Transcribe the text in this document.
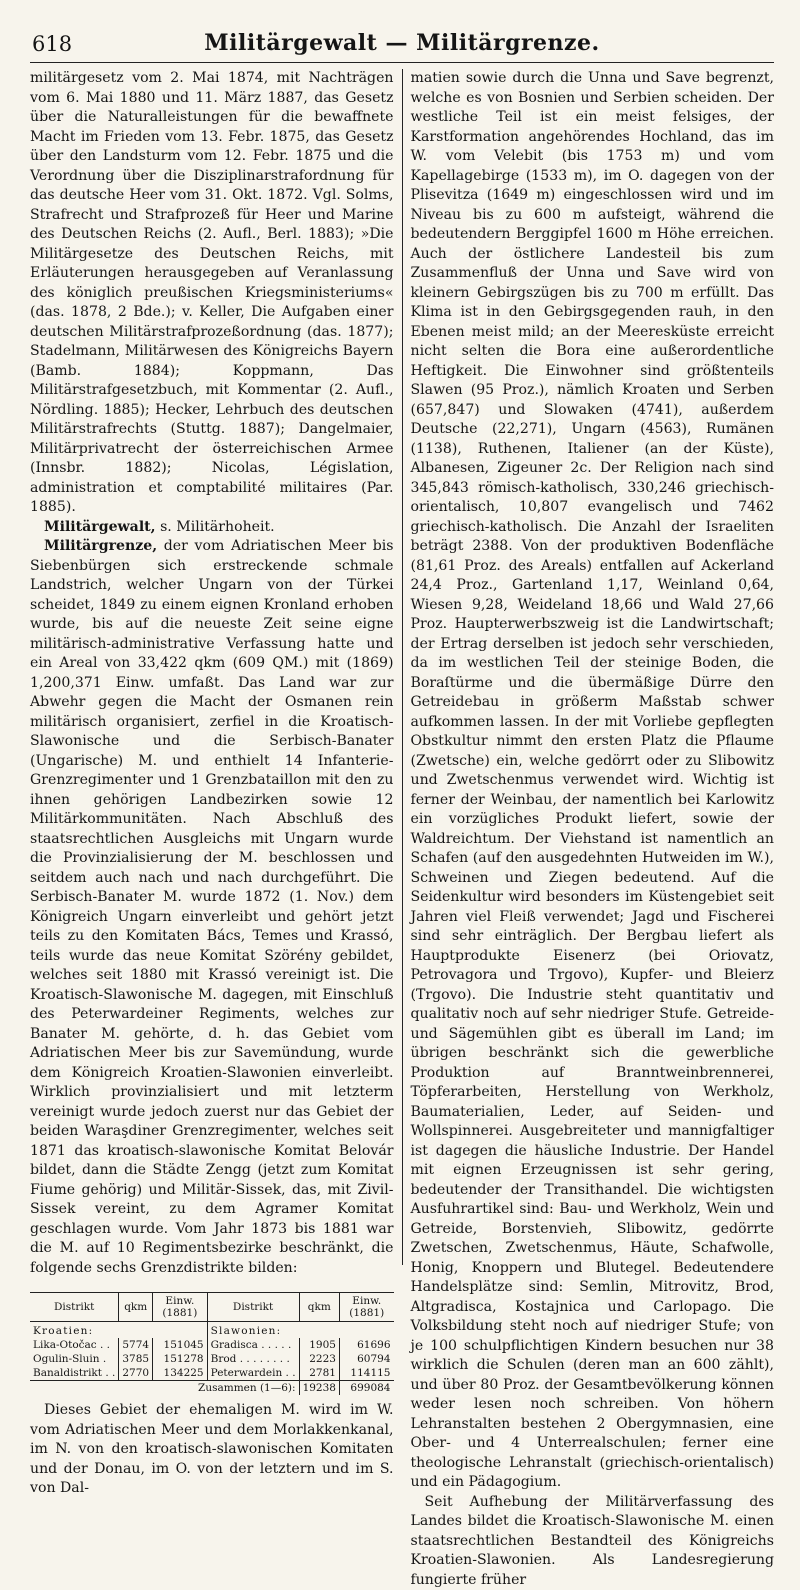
618	Militärgewalt — Militärgrenze.

militärgesetz vom 2. Mai 1874, mit Nachträgen vom 6. Mai 1880 und 11. März 1887, das Gesetz über die Naturalleistungen für die bewaffnete Macht im Frieden vom 13. Febr. 1875, das Gesetz über den Landsturm vom 12. Febr. 1875 und die Verordnung über die Disziplinarstrafordnung für das deutsche Heer vom 31. Okt. 1872. Vgl. Solms, Strafrecht und Strafprozeß für Heer und Marine des Deutschen Reichs (2. Aufl., Berl. 1883); »Die Militärgesetze des Deutschen Reichs, mit Erläuterungen herausgegeben auf Veranlassung des königlich preußischen Kriegsministeriums« (das. 1878, 2 Bde.); v. Keller, Die Aufgaben einer deutschen Militärstrafprozeßordnung (das. 1877); Stadelmann, Militärwesen des Königreichs Bayern (Bamb. 1884); Koppmann, Das Militärstrafgesetzbuch, mit Kommentar (2. Aufl., Nördling. 1885); Hecker, Lehrbuch des deutschen Militärstrafrechts (Stuttg. 1887); Dangelmaier, Militärprivatrecht der österreichischen Armee (Innsbr. 1882); Nicolas, Législation, administration et comptabilité militaires (Par. 1885).

Militärgewalt, s. Militärhoheit.

Militärgrenze, der vom Adriatischen Meer bis Siebenbürgen sich erstreckende schmale Landstrich, welcher Ungarn von der Türkei scheidet, 1849 zu einem eignen Kronland erhoben wurde, bis auf die neueste Zeit seine eigne militärisch-administrative Verfassung hatte und ein Areal von 33,422 qkm (609 QM.) mit (1869) 1,200,371 Einw. umfaßt. Das Land war zur Abwehr gegen die Macht der Osmanen rein militärisch organisiert, zerfiel in die Kroatisch-Slawonische und die Serbisch-Banater (Ungarische) M. und enthielt 14 Infanterie-Grenzregimenter und 1 Grenzbataillon mit den zu ihnen gehörigen Landbezirken sowie 12 Militärkommunitäten. Nach Abschluß des staatsrechtlichen Ausgleichs mit Ungarn wurde die Provinzialisierung der M. beschlossen und seitdem auch nach und nach durchgeführt. Die Serbisch-Banater M. wurde 1872 (1. Nov.) dem Königreich Ungarn einverleibt und gehört jetzt teils zu den Komitaten Bács, Temes und Krassó, teils wurde das neue Komitat Szörény gebildet, welches seit 1880 mit Krassó vereinigt ist. Die Kroatisch-Slawonische M. dagegen, mit Einschluß des Peterwardeiner Regiments, welches zur Banater M. gehörte, d. h. das Gebiet vom Adriatischen Meer bis zur Savemündung, wurde dem Königreich Kroatien-Slawonien einverleibt. Wirklich provinzialisiert und mit letzterm vereinigt wurde jedoch zuerst nur das Gebiet der beiden Waraşdiner Grenzregimenter, welches seit 1871 das kroatisch-slawonische Komitat Belovár bildet, dann die Städte Zengg (jetzt zum Komitat Fiume gehörig) und Militär-Sissek, das, mit Zivil-Sissek vereint, zu dem Agramer Komitat geschlagen wurde. Vom Jahr 1873 bis 1881 war die M. auf 10 Regimentsbezirke beschränkt, die folgende sechs Grenzdistrikte bilden:

Distrikt	qkm	Einw. (1881)	Distrikt	qkm	Einw. (1881)
Kroatien:			Slawonien:		
Lika-Otočac . .	5774	151045	Gradisca . . . . .	1905	61696
Ogulin-Sluin .	3785	151278	Brod . . . . . . . .	2223	60794
Banaldistrikt . .	2770	134225	Peterwardein . .	2781	114115
Zusammen (1—6):				19238	699084

Dieses Gebiet der ehemaligen M. wird im W. vom Adriatischen Meer und dem Morlakkenkanal, im N. von den kroatisch-slawonischen Komitaten und der Donau, im O. von der letztern und im S. von Dal-

matien sowie durch die Unna und Save begrenzt, welche es von Bosnien und Serbien scheiden. Der westliche Teil ist ein meist felsiges, der Karstformation angehörendes Hochland, das im W. vom Velebit (bis 1753 m) und vom Kapellagebirge (1533 m), im O. dagegen von der Plisevitza (1649 m) eingeschlossen wird und im Niveau bis zu 600 m aufsteigt, während die bedeutendern Berggipfel 1600 m Höhe erreichen. Auch der östlichere Landesteil bis zum Zusammenfluß der Unna und Save wird von kleinern Gebirgszügen bis zu 700 m erfüllt. Das Klima ist in den Gebirgsgegenden rauh, in den Ebenen meist mild; an der Meeresküste erreicht nicht selten die Bora eine außerordentliche Heftigkeit. Die Einwohner sind größtenteils Slawen (95 Proz.), nämlich Kroaten und Serben (657,847) und Slowaken (4741), außerdem Deutsche (22,271), Ungarn (4563), Rumänen (1138), Ruthenen, Italiener (an der Küste), Albanesen, Zigeuner 2c. Der Religion nach sind 345,843 römisch-katholisch, 330,246 griechisch-orientalisch, 10,807 evangelisch und 7462 griechisch-katholisch. Die Anzahl der Israeliten beträgt 2388. Von der produktiven Bodenfläche (81,61 Proz. des Areals) entfallen auf Ackerland 24,4 Proz., Gartenland 1,17, Weinland 0,64, Wiesen 9,28, Weideland 18,66 und Wald 27,66 Proz. Haupterwerbszweig ist die Landwirtschaft; der Ertrag derselben ist jedoch sehr verschieden, da im westlichen Teil der steinige Boden, die Boraſtürme und die übermäßige Dürre den Getreidebau in größerm Maßstab schwer aufkommen lassen. In der mit Vorliebe gepflegten Obstkultur nimmt den ersten Platz die Pflaume (Zwetsche) ein, welche gedörrt oder zu Slibowitz und Zwetschenmus verwendet wird. Wichtig ist ferner der Weinbau, der namentlich bei Karlowitz ein vorzügliches Produkt liefert, sowie der Waldreichtum. Der Viehstand ist namentlich an Schafen (auf den ausgedehnten Hutweiden im W.), Schweinen und Ziegen bedeutend. Auf die Seidenkultur wird besonders im Küstengebiet seit Jahren viel Fleiß verwendet; Jagd und Fischerei sind sehr einträglich. Der Bergbau liefert als Hauptprodukte Eisenerz (bei Oriovatz, Petrovagora und Trgovo), Kupfer- und Bleierz (Trgovo). Die Industrie steht quantitativ und qualitativ noch auf sehr niedriger Stufe. Getreide- und Sägemühlen gibt es überall im Land; im übrigen beschränkt sich die gewerbliche Produktion auf Branntweinbrennerei, Töpferarbeiten, Herstellung von Werkholz, Baumaterialien, Leder, auf Seiden- und Wollspinnerei. Ausgebreiteter und mannigfaltiger ist dagegen die häusliche Industrie. Der Handel mit eignen Erzeugnissen ist sehr gering, bedeutender der Transithandel. Die wichtigsten Ausfuhrartikel sind: Bau- und Werkholz, Wein und Getreide, Borstenvieh, Slibowitz, gedörrte Zwetschen, Zwetschenmus, Häute, Schafwolle, Honig, Knoppern und Blutegel. Bedeutendere Handelsplätze sind: Semlin, Mitrovitz, Brod, Altgradisca, Kostajnica und Carlopago. Die Volksbildung steht noch auf niedriger Stufe; von je 100 schulpflichtigen Kindern besuchen nur 38 wirklich die Schulen (deren man an 600 zählt), und über 80 Proz. der Gesamtbevölkerung können weder lesen noch schreiben. Von höhern Lehranstalten bestehen 2 Obergymnasien, eine Ober- und 4 Unterrealschulen; ferner eine theologische Lehranstalt (griechisch-orientalisch) und ein Pädagogium.

Seit Aufhebung der Militärverfassung des Landes bildet die Kroatisch-Slawonische M. einen staatsrechtlichen Bestandteil des Königreichs Kroatien-Slawonien. Als Landesregierung fungierte früher
